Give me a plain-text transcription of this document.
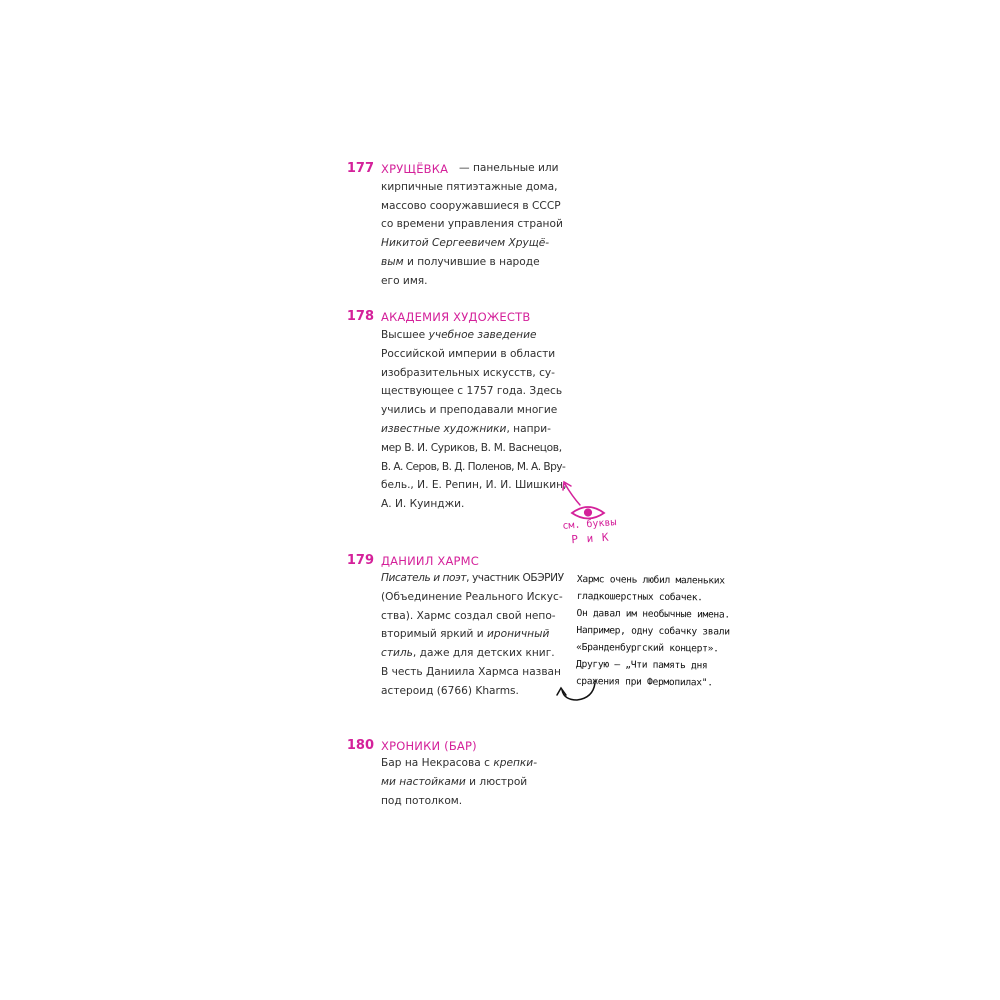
177 ХРУЩЁВКА	— панельные или
кирпичные пятиэтажные дома,
массово сооружавшиеся в СССР
со времени управления страной
Никитой Сергеевичем Хрущё-
вым и получившие в народе
его имя.
178 АКАДЕМИЯ ХУДОЖЕСТВ
Высшее учебное заведение
Российской империи в области
изобразительных искусств, су-
ществующее с 1757 года. Здесь
учились и преподавали многие
известные художники, напри-
мер В. И. Суриков, В. М. Васнецов,
В. А. Серов, В. Д. Поленов, М. А. Вру-
бель., И. Е. Репин, И. И. Шишкин,
А. И. Куинджи.
179 ДАНИИЛ ХАРМС
Писатель и поэт, участник ОБЭРИУ
(Объединение Реального Искус-
ства). Хармс создал свой непо-
вторимый яркий и ироничный
стиль, даже для детских книг.
В честь Даниила Хармса назван
астероид (6766) Kharms.
180 ХРОНИКИ (БАР)
Бар на Некрасова с крепки-
ми настойками и люстрой
под потолком.
см. буквы
Р и К
Хармс очень любил маленьких
гладкошерстных собачек.
Он давал им необычные имена.
Например, одну собачку звали
«Бранденбургский концерт».
Другую — „Чти память дня
сражения при Фермопилах".
